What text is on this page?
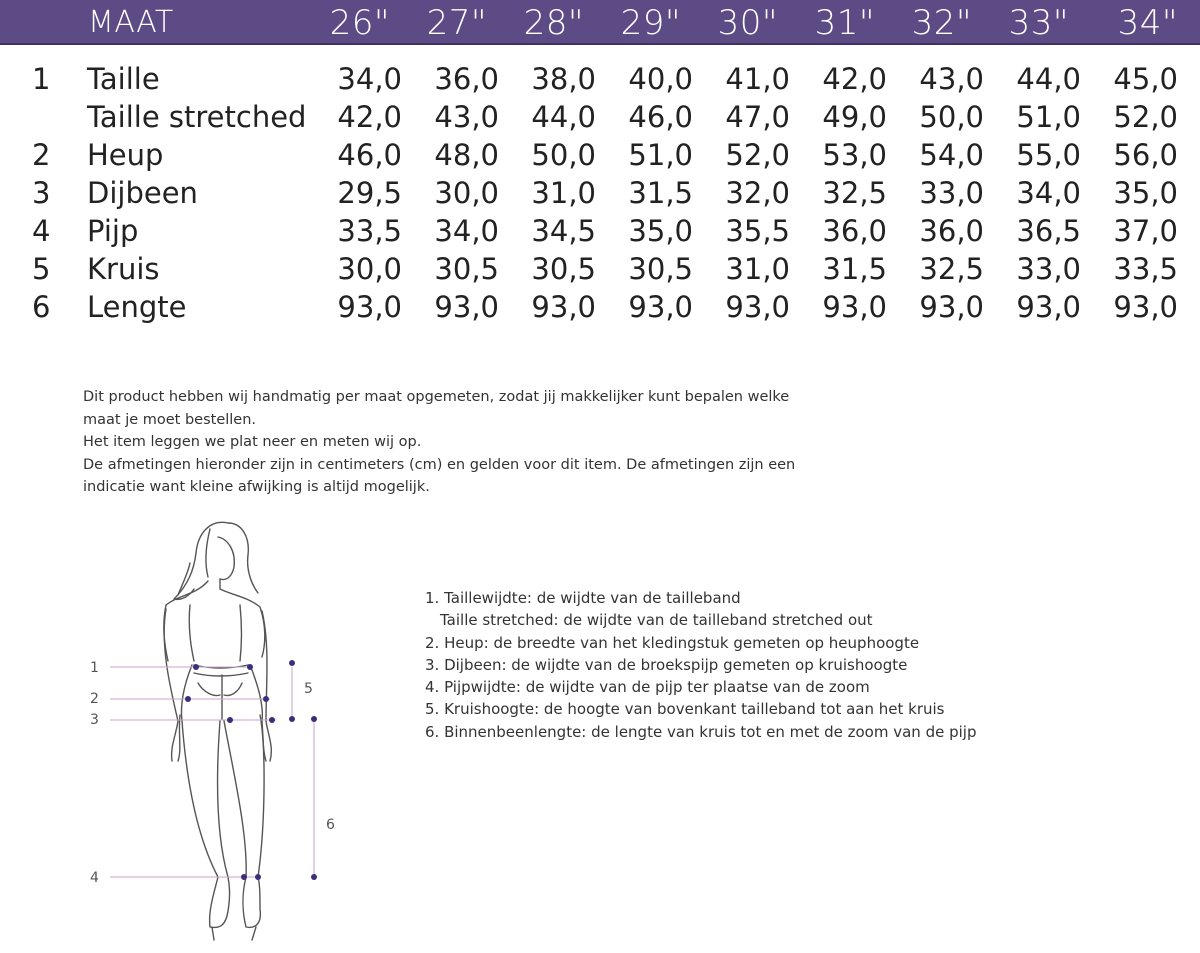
MAAT	26"	27"	28"	29"	30"	31"	32"	33"	34"
1 Taille	34,0	36,0	38,0	40,0	41,0	42,0	43,0	44,0	45,0
Taille stretched	42,0	43,0	44,0	46,0	47,0	49,0	50,0	51,0	52,0
2 Heup	46,0	48,0	50,0	51,0	52,0	53,0	54,0	55,0	56,0
3 Dijbeen	29,5	30,0	31,0	31,5	32,0	32,5	33,0	34,0	35,0
4 Pijp	33,5	34,0	34,5	35,0	35,5	36,0	36,0	36,5	37,0
5 Kruis	30,0	30,5	30,5	30,5	31,0	31,5	32,5	33,0	33,5
6 Lengte	93,0	93,0	93,0	93,0	93,0	93,0	93,0	93,0	93,0
Dit product hebben wij handmatig per maat opgemeten, zodat jij makkelijker kunt bepalen welke
maat je moet bestellen.
Het item leggen we plat neer en meten wij op.
De afmetingen hieronder zijn in centimeters (cm) en gelden voor dit item. De afmetingen zijn een
indicatie want kleine afwijking is altijd mogelijk.
1
2
3
4
5
6
1. Taillewijdte: de wijdte van de tailleband
Taille stretched: de wijdte van de tailleband stretched out
2. Heup: de breedte van het kledingstuk gemeten op heuphoogte
3. Dijbeen: de wijdte van de broekspijp gemeten op kruishoogte
4. Pijpwijdte: de wijdte van de pijp ter plaatse van de zoom
5. Kruishoogte: de hoogte van bovenkant tailleband tot aan het kruis
6. Binnenbeenlengte: de lengte van kruis tot en met de zoom van de pijp
